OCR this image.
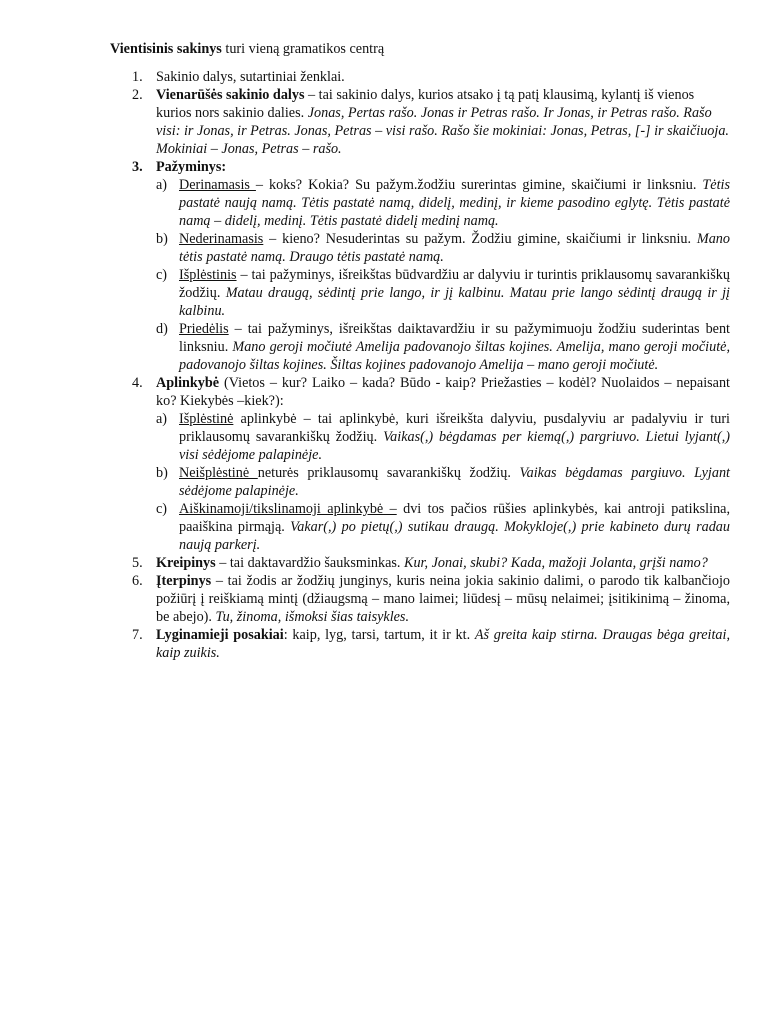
Vientisinis sakinys turi vieną gramatikos centrą
1. Sakinio dalys, sutartiniai ženklai.
2. Vienarūšės sakinio dalys – tai sakinio dalys, kurios atsako į tą patį klausimą, kylantį iš vienos kurios nors sakinio dalies. Jonas, Pertas rašo. Jonas ir Petras rašo. Ir Jonas, ir Petras rašo. Rašo visi: ir Jonas, ir Petras. Jonas, Petras – visi rašo. Rašo šie mokiniai: Jonas, Petras, [-] ir skaičiuoja. Mokiniai – Jonas, Petras – rašo.
3. Pažyminys:
a) Derinamasis – koks? Kokia? Su pažym.žodžiu surerintas gimine, skaičiumi ir linksniu. Tėtis pastatė naują namą. Tėtis pastatė namą, didelį, medinį, ir kieme pasodino eglytę. Tėtis pastatė namą – didelį, medinį. Tėtis pastatė didelį medinį namą.
b) Nederinamasis – kieno? Nesuderintas su pažym. Žodžiu gimine, skaičiumi ir linksniu. Mano tėtis pastatė namą. Draugo tėtis pastatė namą.
c) Išplėstinis – tai pažyminys, išreikštas būdvardžiu ar dalyviu ir turintis priklausomų savarankiškų žodžių. Matau draugą, sėdintį prie lango, ir jį kalbinu. Matau prie lango sėdintį draugą ir jį kalbinu.
d) Priedėlis – tai pažyminys, išreikštas daiktavardžiu ir su pažymimuoju žodžiu suderintas bent linksniu. Mano geroji močiutė Amelija padovanojo šiltas kojines. Amelija, mano geroji močiutė, padovanojo šiltas kojines. Šiltas kojines padovanojo Amelija – mano geroji močiutė.
4. Aplinkybė (Vietos – kur? Laiko – kada? Būdo - kaip? Priežasties – kodėl? Nuolaidos – nepaisant ko? Kiekybės –kiek?):
a) Išplėstinė aplinkybė – tai aplinkybė, kuri išreikšta dalyviu, pusdalyviu ar padalyviu ir turi priklausomų savarankiškų žodžių. Vaikas(,) bėgdamas per kiemą(,) pargriuvo. Lietui lyjant(,) visi sėdėjome palapinėje.
b) Neišplėstinė neturės priklausomų savarankiškų žodžių. Vaikas bėgdamas pargiuvo. Lyjant sėdėjome palapinėje.
c) Aiškinamoji/tikslinamoji aplinkybė – dvi tos pačios rūšies aplinkybės, kai antroji patikslina, paaiškina pirmąją. Vakar(,) po pietų(,) sutikau draugą. Mokykloje(,) prie kabineto durų radau naują parkerį.
5. Kreipinys – tai daktavardžio šauksminkas. Kur, Jonai, skubi? Kada, mažoji Jolanta, grįši namo?
6. Įterpinys – tai žodis ar žodžių junginys, kuris neina jokia sakinio dalimi, o parodo tik kalbančiojo požiūrį į reiškiamą mintį (džiaugsmą – mano laimei; liūdesį – mūsų nelaimei; įsitikinimą – žinoma, be abejo). Tu, žinoma, išmoksi šias taisykles.
7. Lyginamieji posakiai: kaip, lyg, tarsi, tartum, it ir kt. Aš greita kaip stirna. Draugas bėga greitai, kaip zuikis.
